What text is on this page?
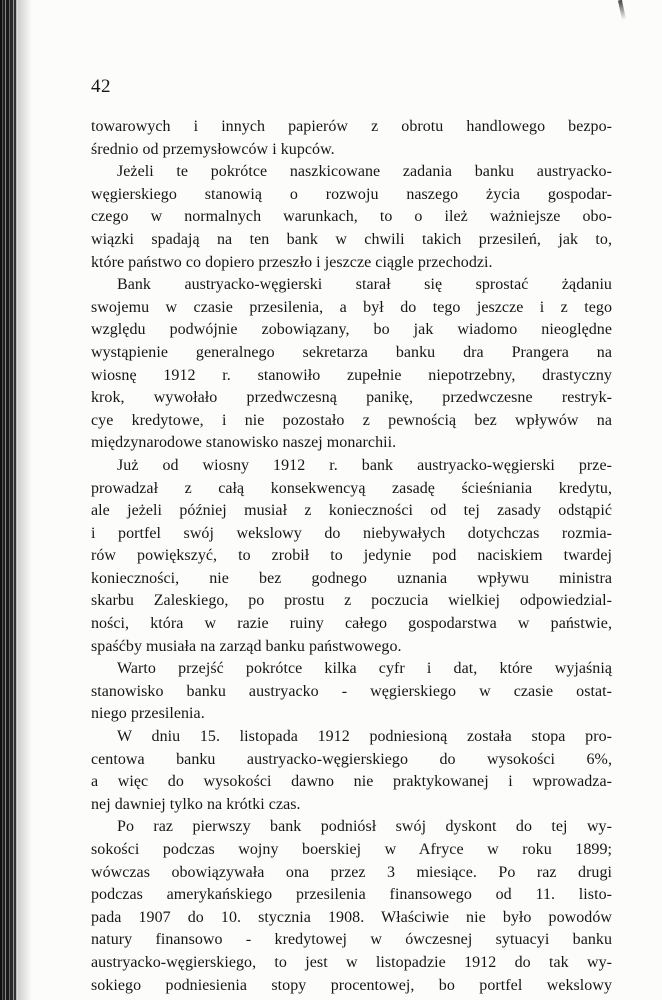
42
towarowych i innych papierów z obrotu handlowego bezpo-
średnio od przemysłowców i kupców.
Jeżeli te pokrótce naszkicowane zadania banku austryacko-
węgierskiego stanowią o rozwoju naszego życia gospodar-
czego w normalnych warunkach, to o ileż ważniejsze obo-
wiązki spadają na ten bank w chwili takich przesileń, jak to,
które państwo co dopiero przeszło i jeszcze ciągle przechodzi.
Bank austryacko-węgierski starał się sprostać żądaniu
swojemu w czasie przesilenia, a był do tego jeszcze i z tego
względu podwójnie zobowiązany, bo jak wiadomo nieoględne
wystąpienie generalnego sekretarza banku dra Prangera na
wiosnę 1912 r. stanowiło zupełnie niepotrzebny, drastyczny
krok, wywołało przedwczesną panikę, przedwczesne restryk-
cye kredytowe, i nie pozostało z pewnością bez wpływów na
międzynarodowe stanowisko naszej monarchii.
Już od wiosny 1912 r. bank austryacko-węgierski prze-
prowadzał z całą konsekwencyą zasadę ścieśniania kredytu,
ale jeżeli później musiał z konieczności od tej zasady odstąpić
i portfel swój wekslowy do niebywałych dotychczas rozmia-
rów powiększyć, to zrobił to jedynie pod naciskiem twardej
konieczności, nie bez godnego uznania wpływu ministra
skarbu Zaleskiego, po prostu z poczucia wielkiej odpowiedzial-
ności, która w razie ruiny całego gospodarstwa w państwie,
spaśćby musiała na zarząd banku państwowego.
Warto przejść pokrótce kilka cyfr i dat, które wyjaśnią
stanowisko banku austryacko - węgierskiego w czasie ostat-
niego przesilenia.
W dniu 15. listopada 1912 podniesioną została stopa pro-
centowa banku austryacko-węgierskiego do wysokości 6%,
a więc do wysokości dawno nie praktykowanej i wprowadza-
nej dawniej tylko na krótki czas.
Po raz pierwszy bank podniósł swój dyskont do tej wy-
sokości podczas wojny boerskiej w Afryce w roku 1899;
wówczas obowiązywała ona przez 3 miesiące. Po raz drugi
podczas amerykańskiego przesilenia finansowego od 11. listo-
pada 1907 do 10. stycznia 1908. Właściwie nie było powodów
natury finansowo - kredytowej w ówczesnej sytuacyi banku
austryacko-węgierskiego, to jest w listopadzie 1912 do tak wy-
sokiego podniesienia stopy procentowej, bo portfel wekslowy
